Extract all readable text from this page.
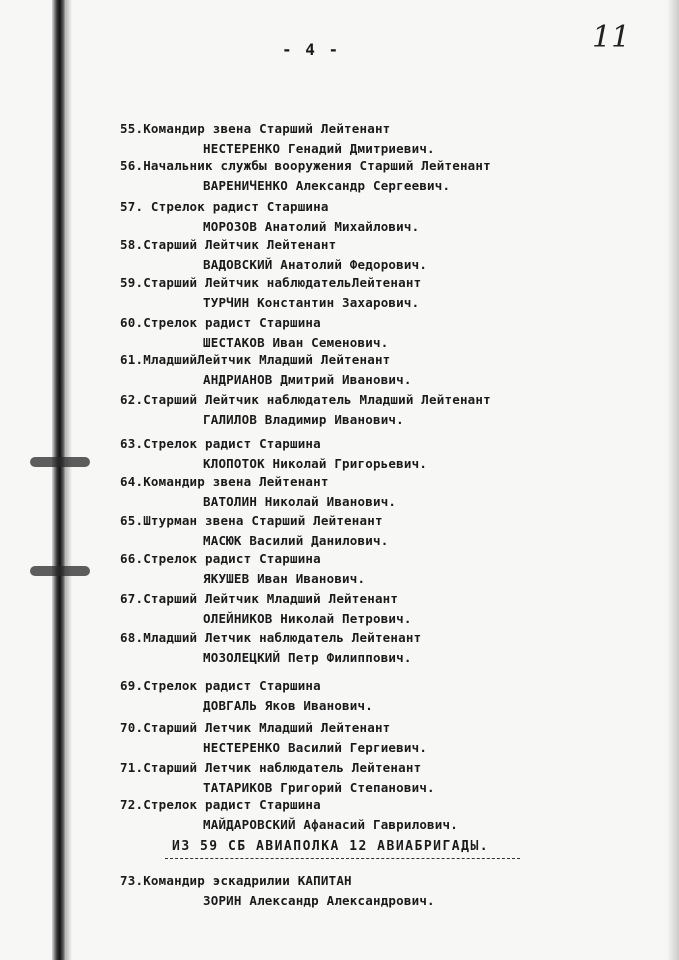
- 4 -	11
55.Командир звена Старший Лейтенант
НЕСТЕРЕНКО Генадий Дмитриевич.
56.Начальник службы вооружения Старший Лейтенант
ВАРЕНИЧЕНКО Александр Сергеевич.
57. Стрелок радист Старшина
МОРОЗОВ Анатолий Михайлович.
58.Старший Лейтчик Лейтенант
ВАДОВСКИЙ Анатолий Федорович.
59.Старший Лейтчик наблюдательЛейтенант
ТУРЧИН Константин Захарович.
60.Стрелок радист Старшина
ШЕСТАКОВ Иван Семенович.
61.МладшийЛейтчик Младший Лейтенант
АНДРИАНОВ Дмитрий Иванович.
62.Старший Лейтчик наблюдатель Младший Лейтенант
ГАЛИЛОВ Владимир Иванович.
63.Стрелок радист Старшина
КЛОПОТОК Николай Григорьевич.
64.Командир звена Лейтенант
ВАТОЛИН Николай Иванович.
65.Штурман звена Старший Лейтенант
МАСЮК Василий Данилович.
66.Стрелок радист Старшина
ЯКУШЕВ Иван Иванович.
67.Старший Лейтчик Младший Лейтенант
ОЛЕЙНИКОВ Николай Петрович.
68.Младший Летчик наблюдатель Лейтенант
МОЗОЛЕЦКИЙ Петр Филиппович.
69.Стрелок радист Старшина
ДОВГАЛЬ Яков Иванович.
70.Старший Летчик Младший Лейтенант
НЕСТЕРЕНКО Василий Гергиевич.
71.Старший Летчик наблюдатель Лейтенант
ТАТАРИКОВ Григорий Степанович.
72.Стрелок радист Старшина
МАЙДАРОВСКИЙ Афанасий Гаврилович.
73.Командир эскадрилии КАПИТАН
ЗОРИН Александр Александрович.
ИЗ 59 СБ АВИАПОЛКА 12 АВИАБРИГАДЫ.
